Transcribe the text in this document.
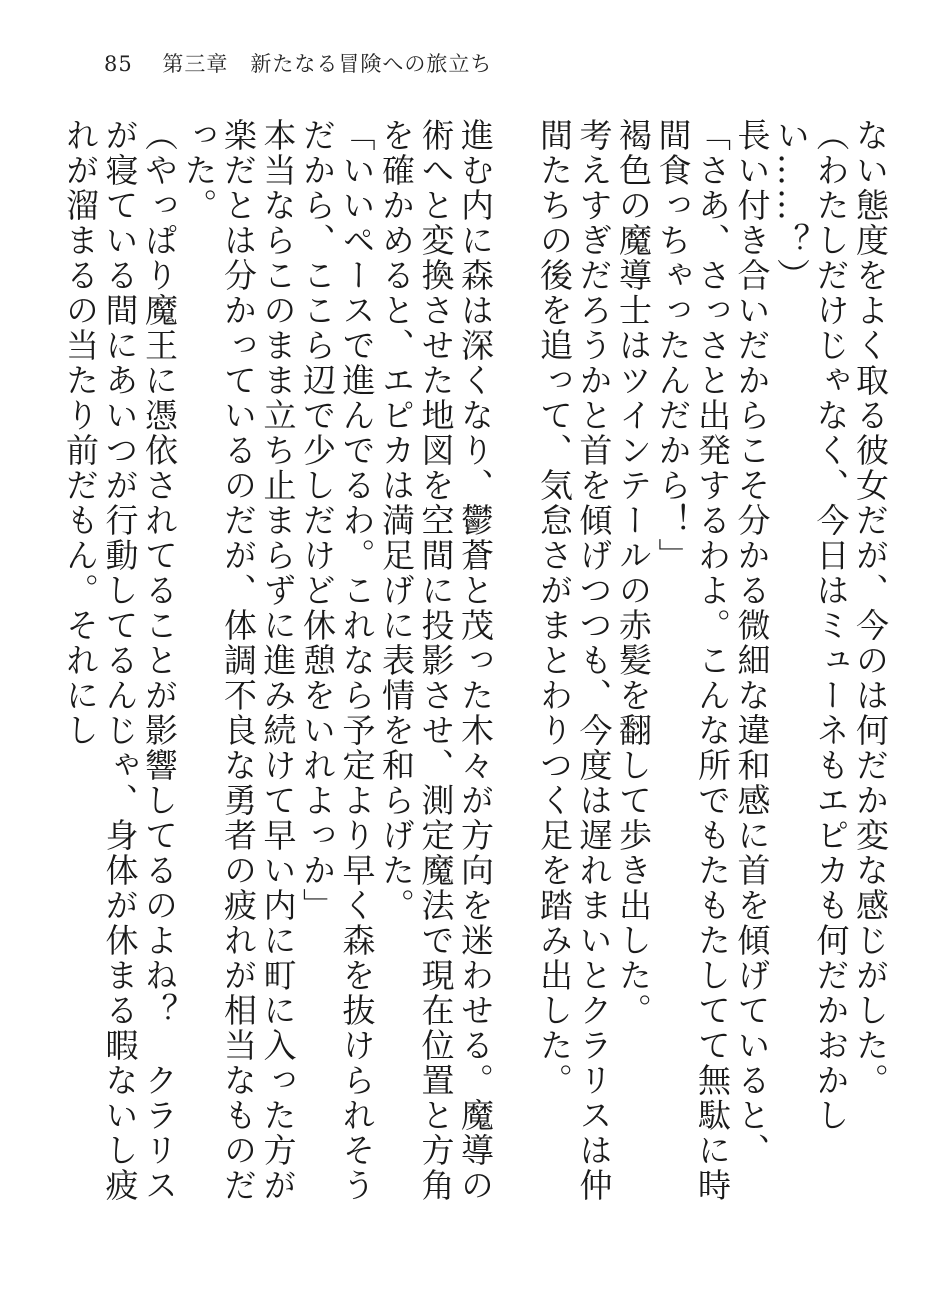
85 第三章　新たなる冒険への旅立ち

ない態度をよく取る彼女だが、今のは何だか変な感じがした。

（わたしだけじゃなく、今日はミューネもエピカも何だかおかしい……？）

長い付き合いだからこそ分かる微細な違和感に首を傾げていると、

「さあ、さっさと出発するわよ。こんな所でもたもたしてて無駄に時間食っちゃったんだから！」

褐色の魔導士はツインテールの赤髪を翻して歩き出した。

考えすぎだろうかと首を傾げつつも、今度は遅れまいとクラリスは仲間たちの後を追って、気怠さがまとわりつく足を踏み出した。

進む内に森は深くなり、鬱蒼と茂った木々が方向を迷わせる。魔導の術へと変換させた地図を空間に投影させ、測定魔法で現在位置と方角を確かめると、エピカは満足げに表情を和らげた。

「いいペースで進んでるわ。これなら予定より早く森を抜けられそうだから、ここら辺で少しだけど休憩をいれよっか」

本当ならこのまま立ち止まらずに進み続けて早い内に町に入った方が楽だとは分かっているのだが、体調不良な勇者の疲れが相当なものだった。

（やっぱり魔王に憑依されてることが影響してるのよね？　クラリスが寝ている間にあいつが行動してるんじゃ、身体が休まる暇ないし疲れが溜まるの当たり前だもん。それにし
